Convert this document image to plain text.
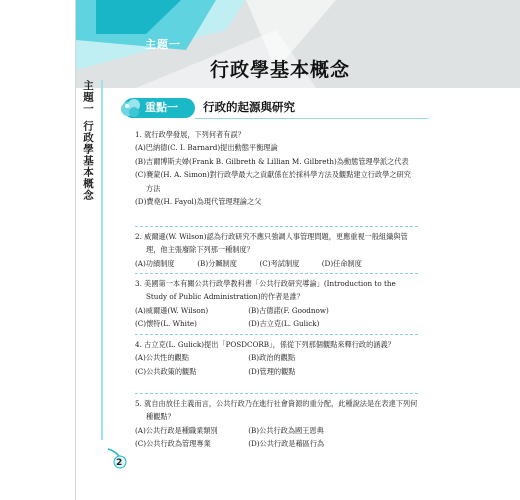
主題一
行政學基本概念
主題一行政學基本概念
重點一	行政的起源與研究
1. 就行政學發展，下列何者有誤？
(A)巴納德(C. I. Barnard)提出動態平衡理論
(B)吉爾博斯夫婦(Frank B. Gilbreth & Lillian M. Gilbreth)為動態管理學派之代表
(C)賽蒙(H. A. Simon)對行政學最大之貢獻係在於採科學方法及觀點建立行政學之研究方法
(D)費堯(H. Fayol)為現代管理理論之父
2. 威爾遜(W. Wilson)認為行政研究不應只強調人事管理問題，更應重視一般組織與管理，他主張廢除下列那一種制度？
(A)功績制度	(B)分贓制度	(C)考試制度	(D)任命制度
3. 美國第一本有關公共行政學教科書「公共行政研究導論」(Introduction to the Study of Public Administration)的作者是誰？
(A)威爾遜(W. Wilson)	(B)古德諾(F. Goodnow)
(C)懷特(L. White)	(D)古立克(L. Gulick)
4. 古立克(L. Gulick)提出「POSDCORB」，係從下列那個觀點來釋行政的涵義？
(A)公共性的觀點	(B)政治的觀點
(C)公共政策的觀點	(D)管理的觀點
5. 就自由放任主義而言，公共行政乃在進行社會資源的重分配，此種說法是在表達下列何種觀點？
(A)公共行政是種職業類別	(B)公共行政為國王恩典
(C)公共行政為管理專業	(D)公共行政是藉區行為
2
